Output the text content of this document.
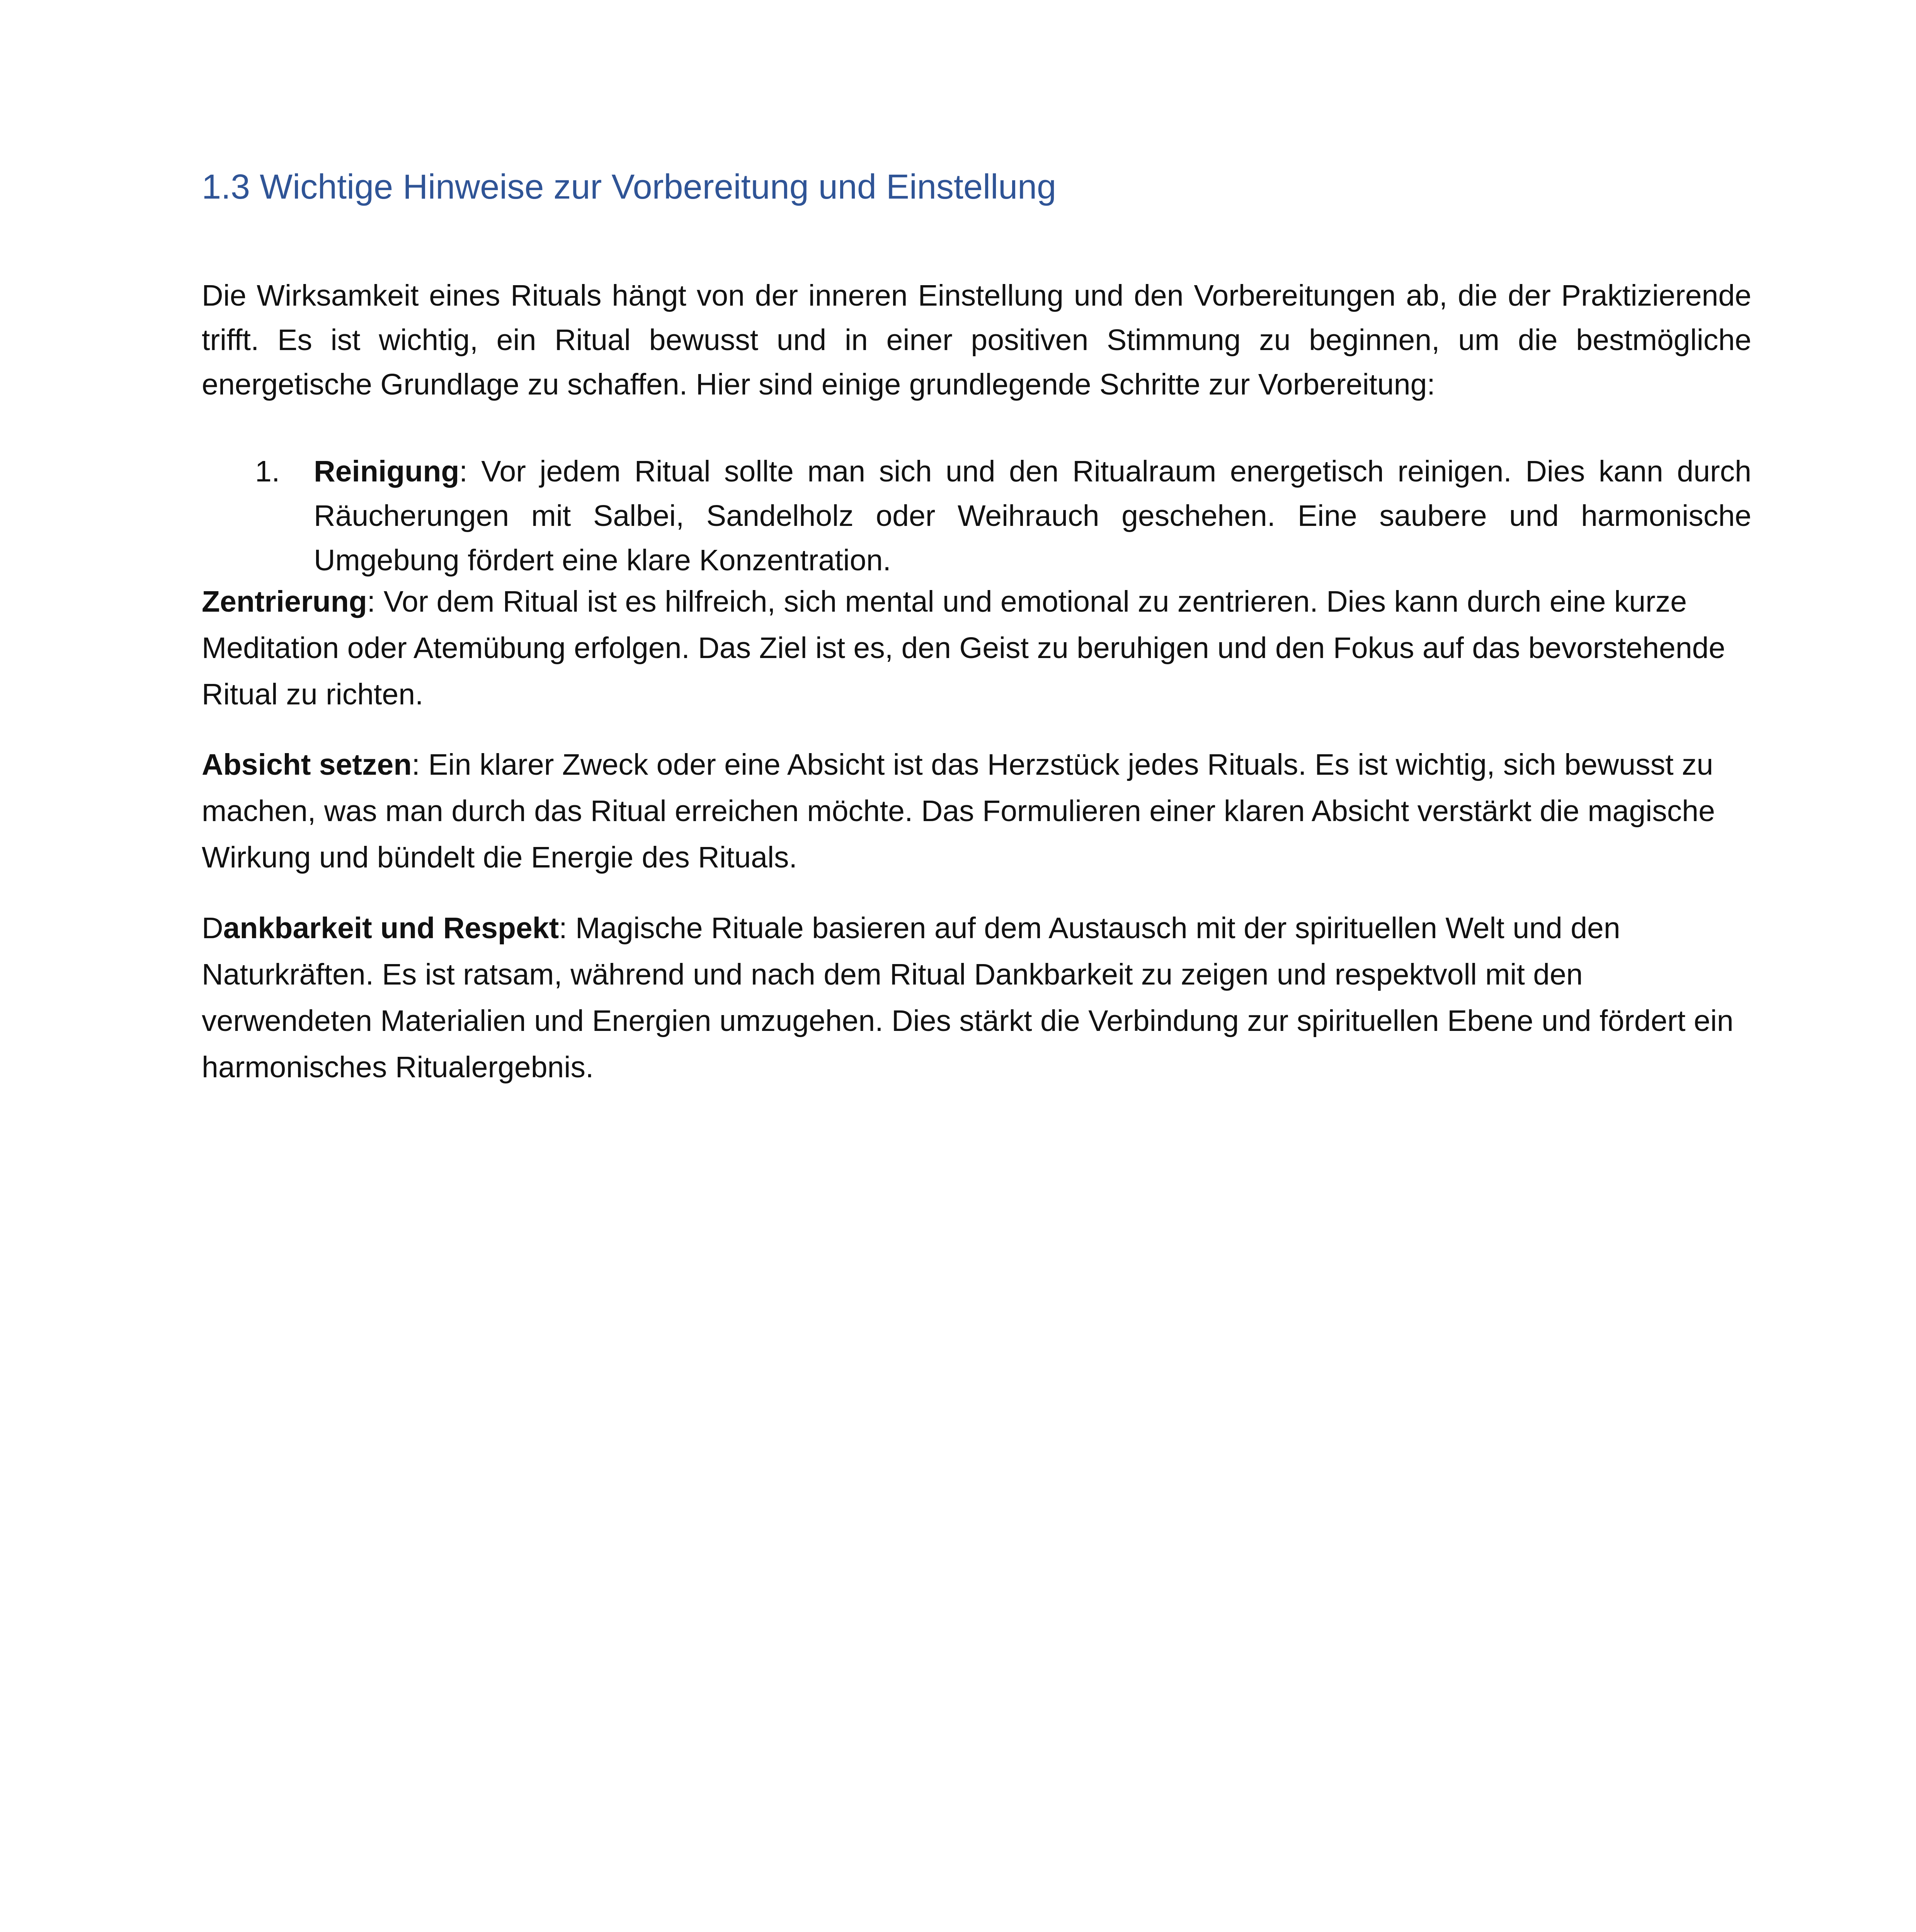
1.3 Wichtige Hinweise zur Vorbereitung und Einstellung

Die Wirksamkeit eines Rituals hängt von der inneren Einstellung und den Vorbereitungen ab, die der Praktizierende trifft. Es ist wichtig, ein Ritual bewusst und in einer positiven Stimmung zu beginnen, um die bestmögliche energetische Grundlage zu schaffen. Hier sind einige grundlegende Schritte zur Vorbereitung:

1. Reinigung: Vor jedem Ritual sollte man sich und den Ritualraum energetisch reinigen. Dies kann durch Räucherungen mit Salbei, Sandelholz oder Weihrauch geschehen. Eine saubere und harmonische Umgebung fördert eine klare Konzentration.

Zentrierung: Vor dem Ritual ist es hilfreich, sich mental und emotional zu zentrieren. Dies kann durch eine kurze Meditation oder Atemübung erfolgen. Das Ziel ist es, den Geist zu beruhigen und den Fokus auf das bevorstehende Ritual zu richten.

Absicht setzen: Ein klarer Zweck oder eine Absicht ist das Herzstück jedes Rituals. Es ist wichtig, sich bewusst zu machen, was man durch das Ritual erreichen möchte. Das Formulieren einer klaren Absicht verstärkt die magische Wirkung und bündelt die Energie des Rituals.

Dankbarkeit und Respekt: Magische Rituale basieren auf dem Austausch mit der spirituellen Welt und den Naturkräften. Es ist ratsam, während und nach dem Ritual Dankbarkeit zu zeigen und respektvoll mit den verwendeten Materialien und Energien umzugehen. Dies stärkt die Verbindung zur spirituellen Ebene und fördert ein harmonisches Ritualergebnis.
